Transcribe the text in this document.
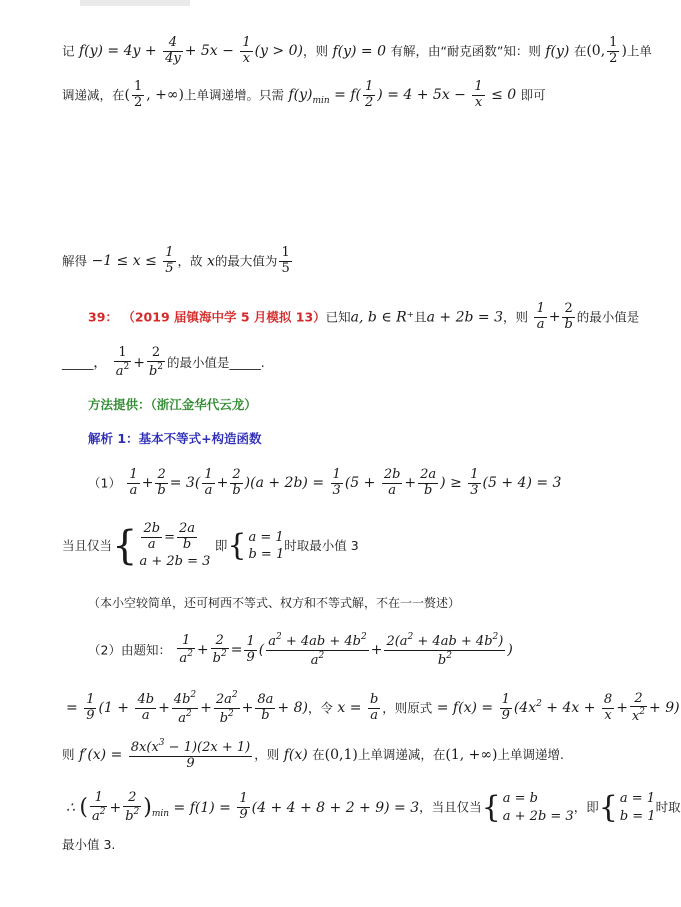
记 $f(y) = 4y + \frac{4}{4y} + 5x - \frac{1}{x} (y > 0)$，则 f(y) = 0 有解，由“耐克函数”知：则 f(y) 在(0, $\frac{1}{2}$ )上单
调递减，在( $\frac{1}{2}$ , +∞)上单调递增。只需 $f(y)_{min} = f( \frac{1}{2}$ ) = $4 + 5x - \frac{1}{x} \le 0$ 即可
解得 $-1 \le x \le \frac{1}{5}$ ，故 x的最大值为 $\frac{1}{5}$
39： （2019 届镇海中学 5 月模拟 13）已知a, b ∈ R⁺且a + 2b = 3，则 $\frac{1}{a} + \frac{2}{b}$ 的最小值是
_____， $\frac{1}{a^2} + \frac{2}{b^2}$ 的最小值是_____.
方法提供：（浙江金华代云龙）
解析 1：基本不等式+构造函数
$(1) \frac{1}{a} + \frac{2}{b} = 3( \frac{1}{a} + \frac{2}{b} )(a + 2b) = \frac{1}{3} (5 + \frac{2b}{a} + \frac{2a}{b}$ ) ≥ $\frac{1}{3} (5 + 4) = 3$
当且仅当{ $\frac{2b}{a} = \frac{2a}{b}$
a + 2b = 3
即{ a = 1
b = 1
时取最小值 3
（本小空较简单，还可柯西不等式、权方和不等式解，不在一一赘述）
（2）由题知： $\frac{1}{a^2} + \frac{2}{b^2} = \frac{1}{9}$ ( $\frac{a^2 + 4ab + 4b^2}{a^2} + \frac{2(a^2 + 4ab + 4b^2)}{b^2}$ )
= $\frac{1}{9} (1 + \frac{4b}{a} + \frac{4b^2}{a^2} + \frac{2a^2}{b^2} + \frac{8a}{b} + 8)$，令 $x = \frac{b}{a}$ ，则原式 = $f(x) = \frac{1}{9} (4x^2 + 4x + \frac{8}{x} + \frac{2}{x^2} + 9)$
则 $f'(x) = \frac{8x(x^3 - 1)(2x + 1)}{9}$ ，则 f(x) 在(0,1)上单调递减，在(1, +∞)上单调递增.
∴ ( $\frac{1}{a^2} + \frac{2}{b^2} )_{min} = f(1) = \frac{1}{9} (4 + 4 + 8 + 2 + 9) = 3$，当且仅当{ a = b
a + 2b = 3
，即{ a = 1
b = 1
时取
最小值 3.
